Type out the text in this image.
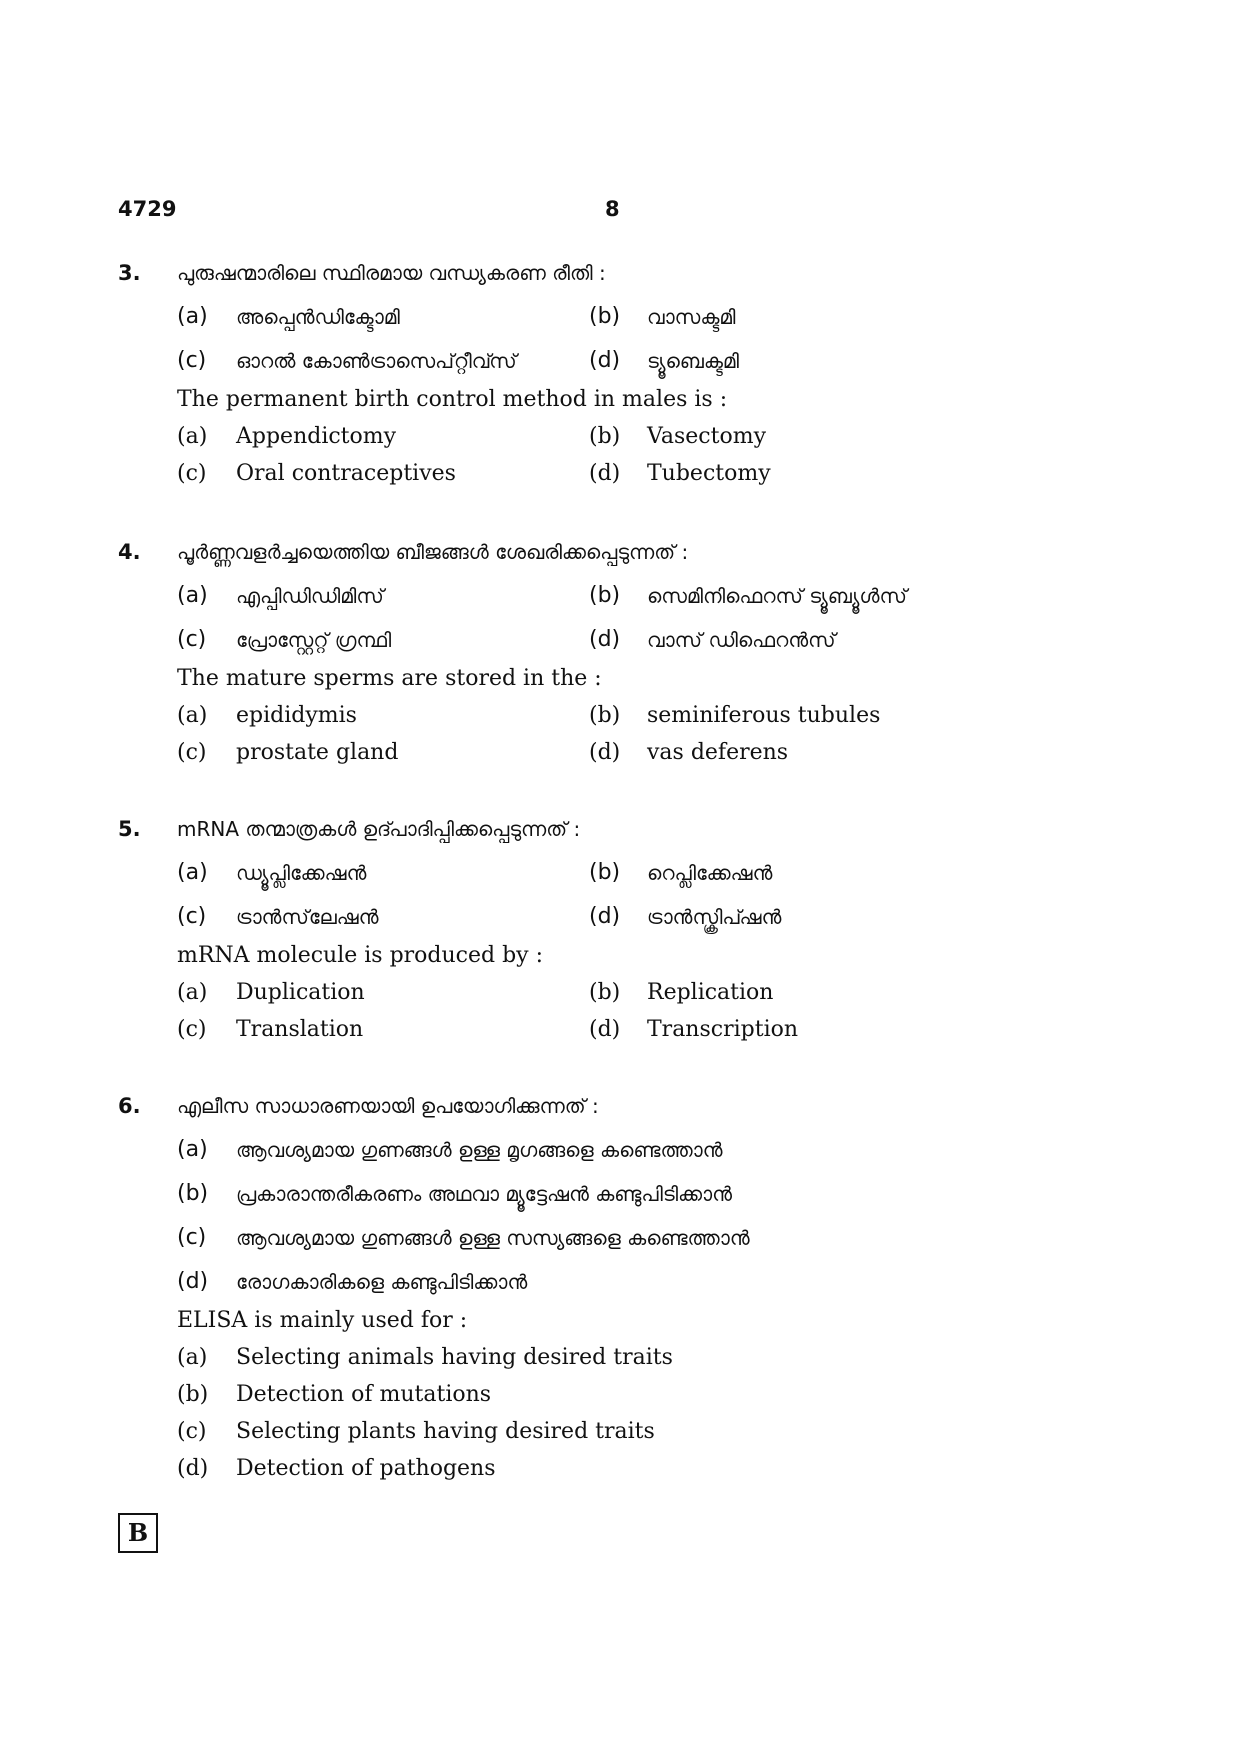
4729	8
3. പുരുഷന്മാരിലെ സ്ഥിരമായ വന്ധ്യകരണ രീതി :
(a)	അപ്പെൻഡിക്ടോമി	(b)	വാസക്ടമി
(c)	ഓറൽ കോൺട്രാസെപ്റ്റീവ്സ്	(d)	ട്യൂബെക്ടമി
The permanent birth control method in males is :
(a)	Appendictomy	(b)	Vasectomy
(c)	Oral contraceptives	(d)	Tubectomy
4. പൂർണ്ണവളർച്ചയെത്തിയ ബീജങ്ങൾ ശേഖരിക്കപ്പെടുന്നത് :
(a)	എപ്പിഡിഡിമിസ്	(b)	സെമിനിഫെറസ് ട്യൂബ്യൂൾസ്
(c)	പ്രോസ്റ്റേറ്റ് ഗ്രന്ഥി	(d)	വാസ് ഡിഫെറൻസ്
The mature sperms are stored in the :
(a)	epididymis	(b)	seminiferous tubules
(c)	prostate gland	(d)	vas deferens
5. mRNA തന്മാത്രകൾ ഉദ്പാദിപ്പിക്കപ്പെടുന്നത് :
(a)	ഡ്യൂപ്ലിക്കേഷൻ	(b)	റെപ്ലിക്കേഷൻ
(c)	ട്രാൻസ്‌ലേഷൻ	(d)	ട്രാൻസ്ക്രിപ്ഷൻ
mRNA molecule is produced by :
(a)	Duplication	(b)	Replication
(c)	Translation	(d)	Transcription
6. എലീസ സാധാരണയായി ഉപയോഗിക്കുന്നത് :
(a)	ആവശ്യമായ ഗുണങ്ങൾ ഉള്ള മൃഗങ്ങളെ കണ്ടെത്താൻ
(b)	പ്രകാരാന്തരീകരണം അഥവാ മ്യൂട്ടേഷൻ കണ്ടുപിടിക്കാൻ
(c)	ആവശ്യമായ ഗുണങ്ങൾ ഉള്ള സസ്യങ്ങളെ കണ്ടെത്താൻ
(d)	രോഗകാരികളെ കണ്ടുപിടിക്കാൻ
ELISA is mainly used for :
(a)	Selecting animals having desired traits
(b)	Detection of mutations
(c)	Selecting plants having desired traits
(d)	Detection of pathogens
B
